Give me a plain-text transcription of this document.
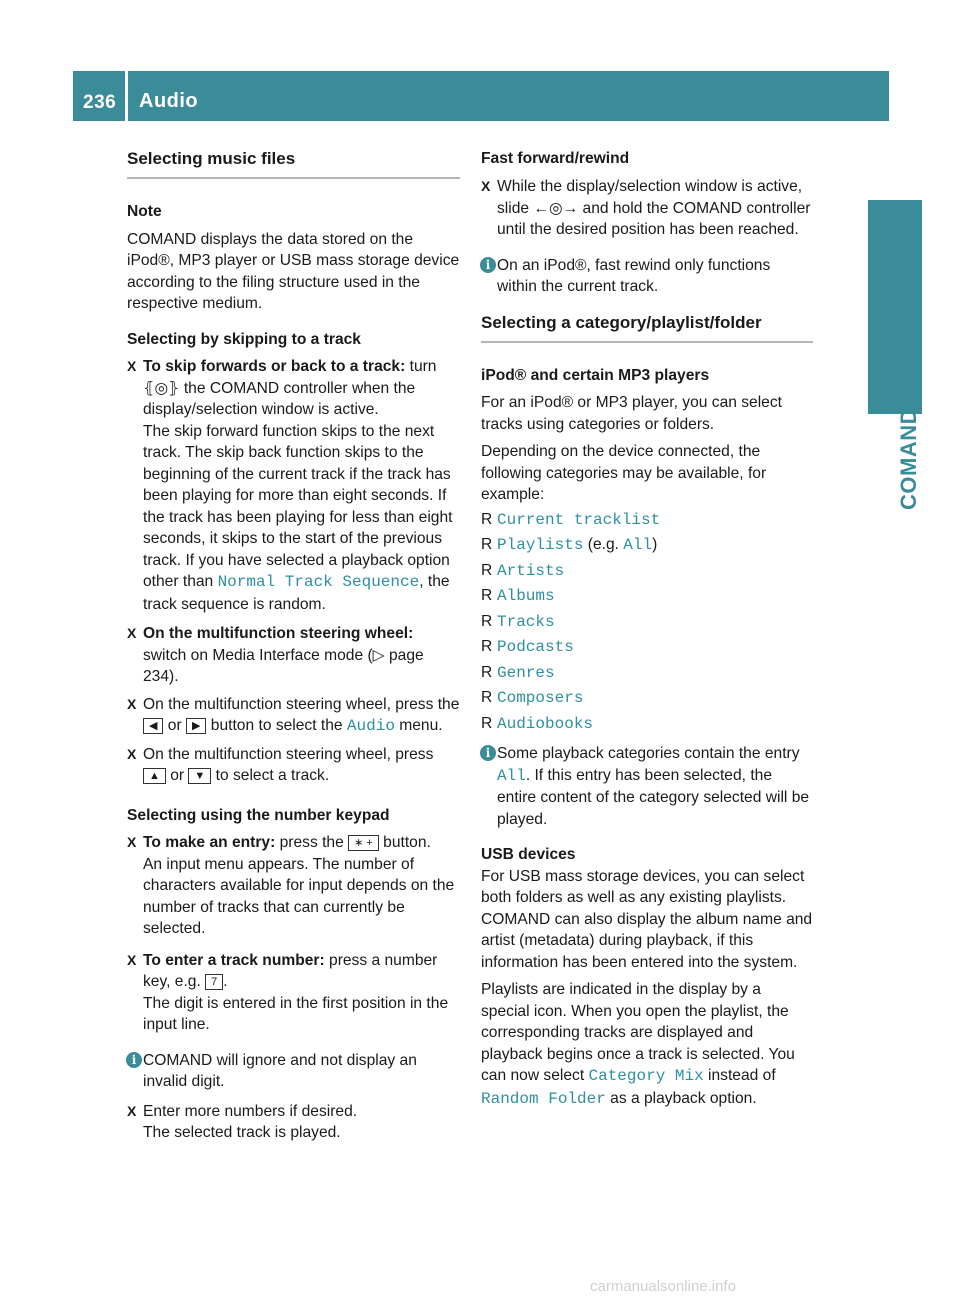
236 Audio
COMAND
Selecting music files
Note

COMAND displays the data stored on the iPod®, MP3 player or USB mass storage device according to the filing structure used in the respective medium.

Selecting by skipping to a track
X To skip forwards or back to a track: turn ⦃◎⦄ the COMAND controller when the display/selection window is active.

The skip forward function skips to the next track. The skip back function skips to the beginning of the current track if the track has been playing for more than eight seconds. If the track has been playing for less than eight seconds, it skips to the start of the previous track. If you have selected a playback option other than Normal Track Sequence, the track sequence is random.

X On the multifunction steering wheel: switch on Media Interface mode (▷ page 234).

X On the multifunction steering wheel, press the ◀ or ▶ button to select the Audio menu.

X On the multifunction steering wheel, press ▲ or ▼ to select a track.

Selecting using the number keypad
X To make an entry: press the ∗ + button.

An input menu appears. The number of characters available for input depends on the number of tracks that can currently be selected.

X To enter a track number: press a number key, e.g. 7 .

The digit is entered in the first position in the input line.

i COMAND will ignore and not display an invalid digit.

X Enter more numbers if desired.

The selected track is played.

Fast forward/rewind
X While the display/selection window is active, slide ←◎→ and hold the COMAND controller until the desired position has been reached.

i On an iPod®, fast rewind only functions within the current track.

Selecting a category/playlist/folder
iPod® and certain MP3 players

For an iPod® or MP3 player, you can select tracks using categories or folders.

Depending on the device connected, the following categories may be available, for example:

R Current tracklist
R Playlists (e.g. All)
R Artists
R Albums
R Tracks
R Podcasts
R Genres
R Composers
R Audiobooks
i Some playback categories contain the entry All. If this entry has been selected, the entire content of the category selected will be played.

USB devices

For USB mass storage devices, you can select both folders as well as any existing playlists. COMAND can also display the album name and artist (metadata) during playback, if this information has been entered into the system.

Playlists are indicated in the display by a special icon. When you open the playlist, the corresponding tracks are displayed and playback begins once a track is selected. You can now select Category Mix instead of Random Folder as a playback option.

carmanualsonline.info
